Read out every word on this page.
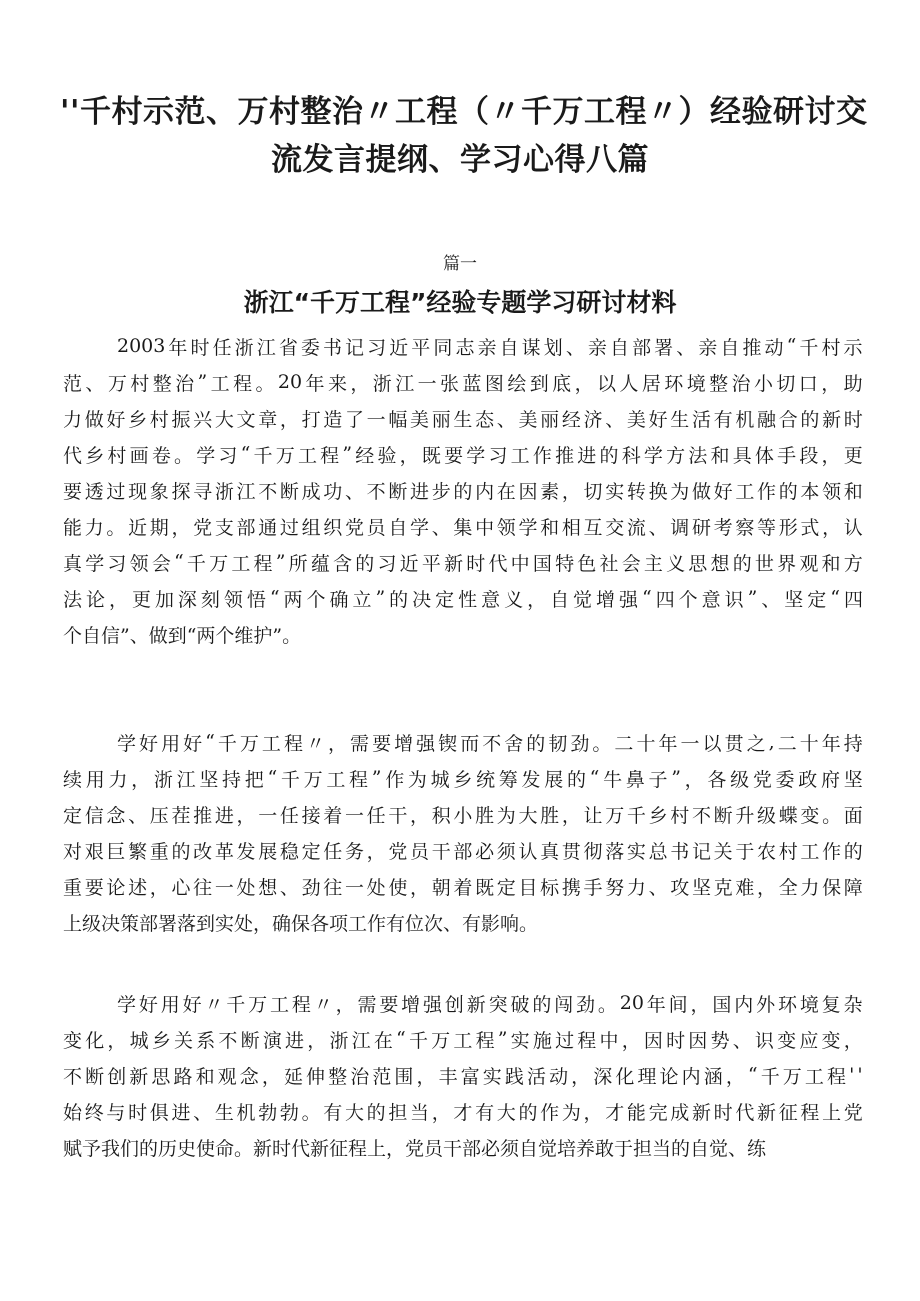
''千村示范、万村整治〃工程（〃千万工程〃）经验研讨交
流发言提纲、学习心得八篇
篇一
浙江“千万工程”经验专题学习研讨材料
2003 年 时 任 浙 江 省 委 书 记 习 近 平 同 志 亲 自 谋 划 、 亲 自 部 署 、 亲 自 推 动 “ 千 村 示
范 、 万 村 整 治 ” 工 程 。 20 年 来 ， 浙 江 一 张 蓝 图 绘 到 底 ， 以 人 居 环 境 整 治 小 切 口 ， 助
力 做 好 乡 村 振 兴 大 文 章 ， 打 造 了 一 幅 美 丽 生 态 、 美 丽 经 济 、 美 好 生 活 有 机 融 合 的 新 时
代 乡 村 画 卷 。 学 习 “ 千 万 工 程 ” 经 验 ， 既 要 学 习 工 作 推 进 的 科 学 方 法 和 具 体 手 段 ， 更
要 透 过 现 象 探 寻 浙 江 不 断 成 功 、 不 断 进 步 的 内 在 因 素 ， 切 实 转 换 为 做 好 工 作 的 本 领 和
能 力 。 近 期 ， 党 支 部 通 过 组 织 党 员 自 学 、 集 中 领 学 和 相 互 交 流 、 调 研 考 察 等 形 式 ， 认
真 学 习 领 会 “ 千 万 工 程 ” 所 蕴 含 的 习 近 平 新 时 代 中 国 特 色 社 会 主 义 思 想 的 世 界 观 和 方
法 论 ， 更 加 深 刻 领 悟 “ 两 个 确 立 ” 的 决 定 性 意 义 ， 自 觉 增 强 “ 四 个 意 识 ” 、 坚 定 “ 四
个自信”、做到“两个维护”。
学 好 用 好 “ 千 万 工 程 〃 ， 需 要 增 强 锲 而 不 舍 的 韧 劲 。 二 十 年 一 以 贯 之 , 二 十 年 持
续 用 力 ， 浙 江 坚 持 把 “ 千 万 工 程 ” 作 为 城 乡 统 筹 发 展 的 “ 牛 鼻 子 ” ， 各 级 党 委 政 府 坚
定 信 念 、 压 茬 推 进 ， 一 任 接 着 一 任 干 ， 积 小 胜 为 大 胜 ， 让 万 千 乡 村 不 断 升 级 蝶 变 。 面
对 艰 巨 繁 重 的 改 革 发 展 稳 定 任 务 ， 党 员 干 部 必 须 认 真 贯 彻 落 实 总 书 记 关 于 农 村 工 作 的
重 要 论 述 ， 心 往 一 处 想 、 劲 往 一 处 使 ， 朝 着 既 定 目 标 携 手 努 力 、 攻 坚 克 难 ， 全 力 保 障
上级决策部署落到实处，确保各项工作有位次、有影响。
学 好 用 好 〃 千 万 工 程 〃 ， 需 要 增 强 创 新 突 破 的 闯 劲 。 20 年 间 ， 国 内 外 环 境 复 杂
变 化 ， 城 乡 关 系 不 断 演 进 ， 浙 江 在 “ 千 万 工 程 ” 实 施 过 程 中 ， 因 时 因 势 、 识 变 应 变 ，
不 断 创 新 思 路 和 观 念 ， 延 伸 整 治 范 围 ， 丰 富 实 践 活 动 ， 深 化 理 论 内 涵 ， “ 千 万 工 程 ' '
始 终 与 时 俱 进 、 生 机 勃 勃 。 有 大 的 担 当 ， 才 有 大 的 作 为 ， 才 能 完 成 新 时 代 新 征 程 上 党
赋予我们的历史使命。新时代新征程上，党员干部必须自觉培养敢于担当的自觉、练
